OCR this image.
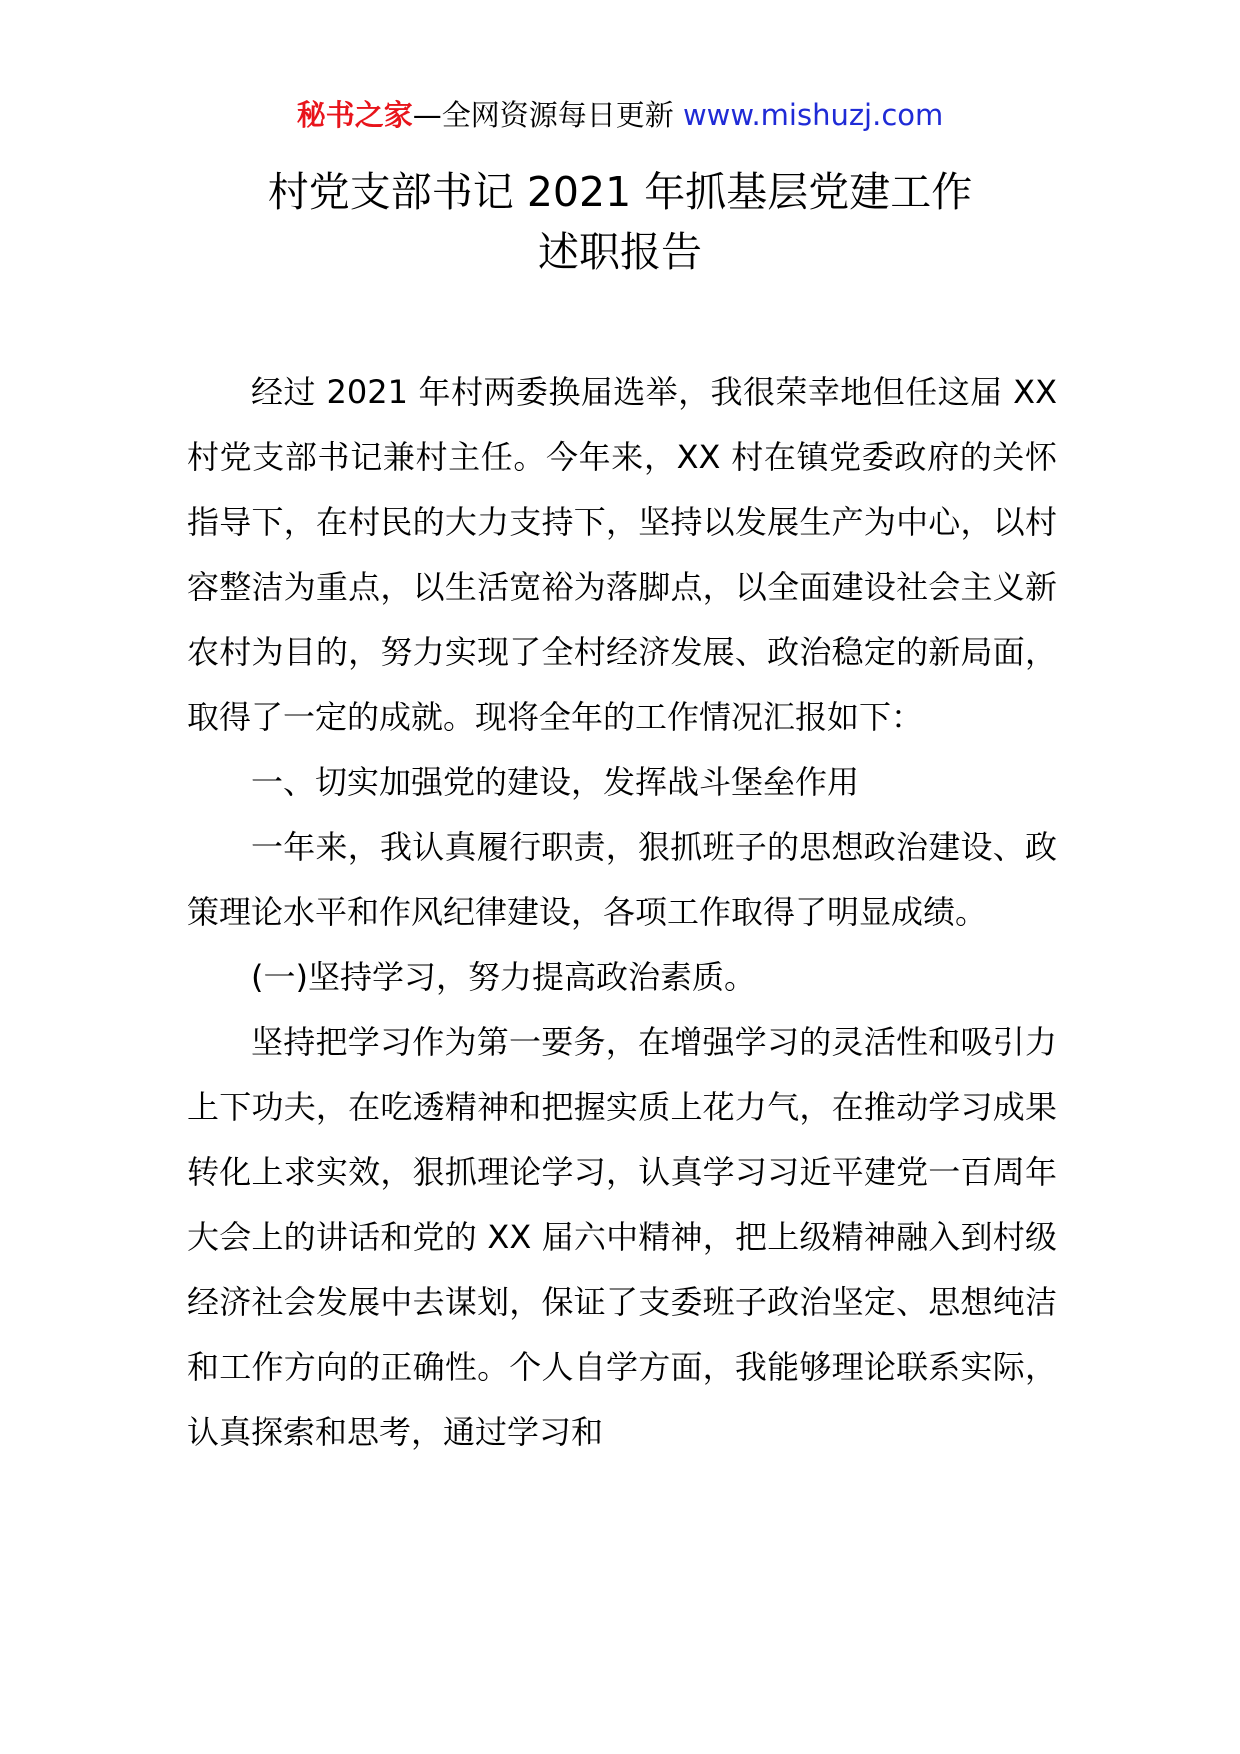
秘书之家—全网资源每日更新 www.mishuzj.com
村党支部书记 2021 年抓基层党建工作
述职报告

经过 2021 年村两委换届选举，我很荣幸地但任这届 XX 村党支部书记兼村主任。今年来，XX 村在镇党委政府的关怀指导下，在村民的大力支持下，坚持以发展生产为中心，以村容整洁为重点，以生活宽裕为落脚点，以全面建设社会主义新农村为目的，努力实现了全村经济发展、政治稳定的新局面，取得了一定的成就。现将全年的工作情况汇报如下：

一、切实加强党的建设，发挥战斗堡垒作用

一年来，我认真履行职责，狠抓班子的思想政治建设、政策理论水平和作风纪律建设，各项工作取得了明显成绩。

(一)坚持学习，努力提高政治素质。

坚持把学习作为第一要务，在增强学习的灵活性和吸引力上下功夫，在吃透精神和把握实质上花力气，在推动学习成果转化上求实效，狠抓理论学习，认真学习习近平建党一百周年大会上的讲话和党的 XX 届六中精神，把上级精神融入到村级经济社会发展中去谋划，保证了支委班子政治坚定、思想纯洁和工作方向的正确性。个人自学方面，我能够理论联系实际，认真探索和思考，通过学习和
